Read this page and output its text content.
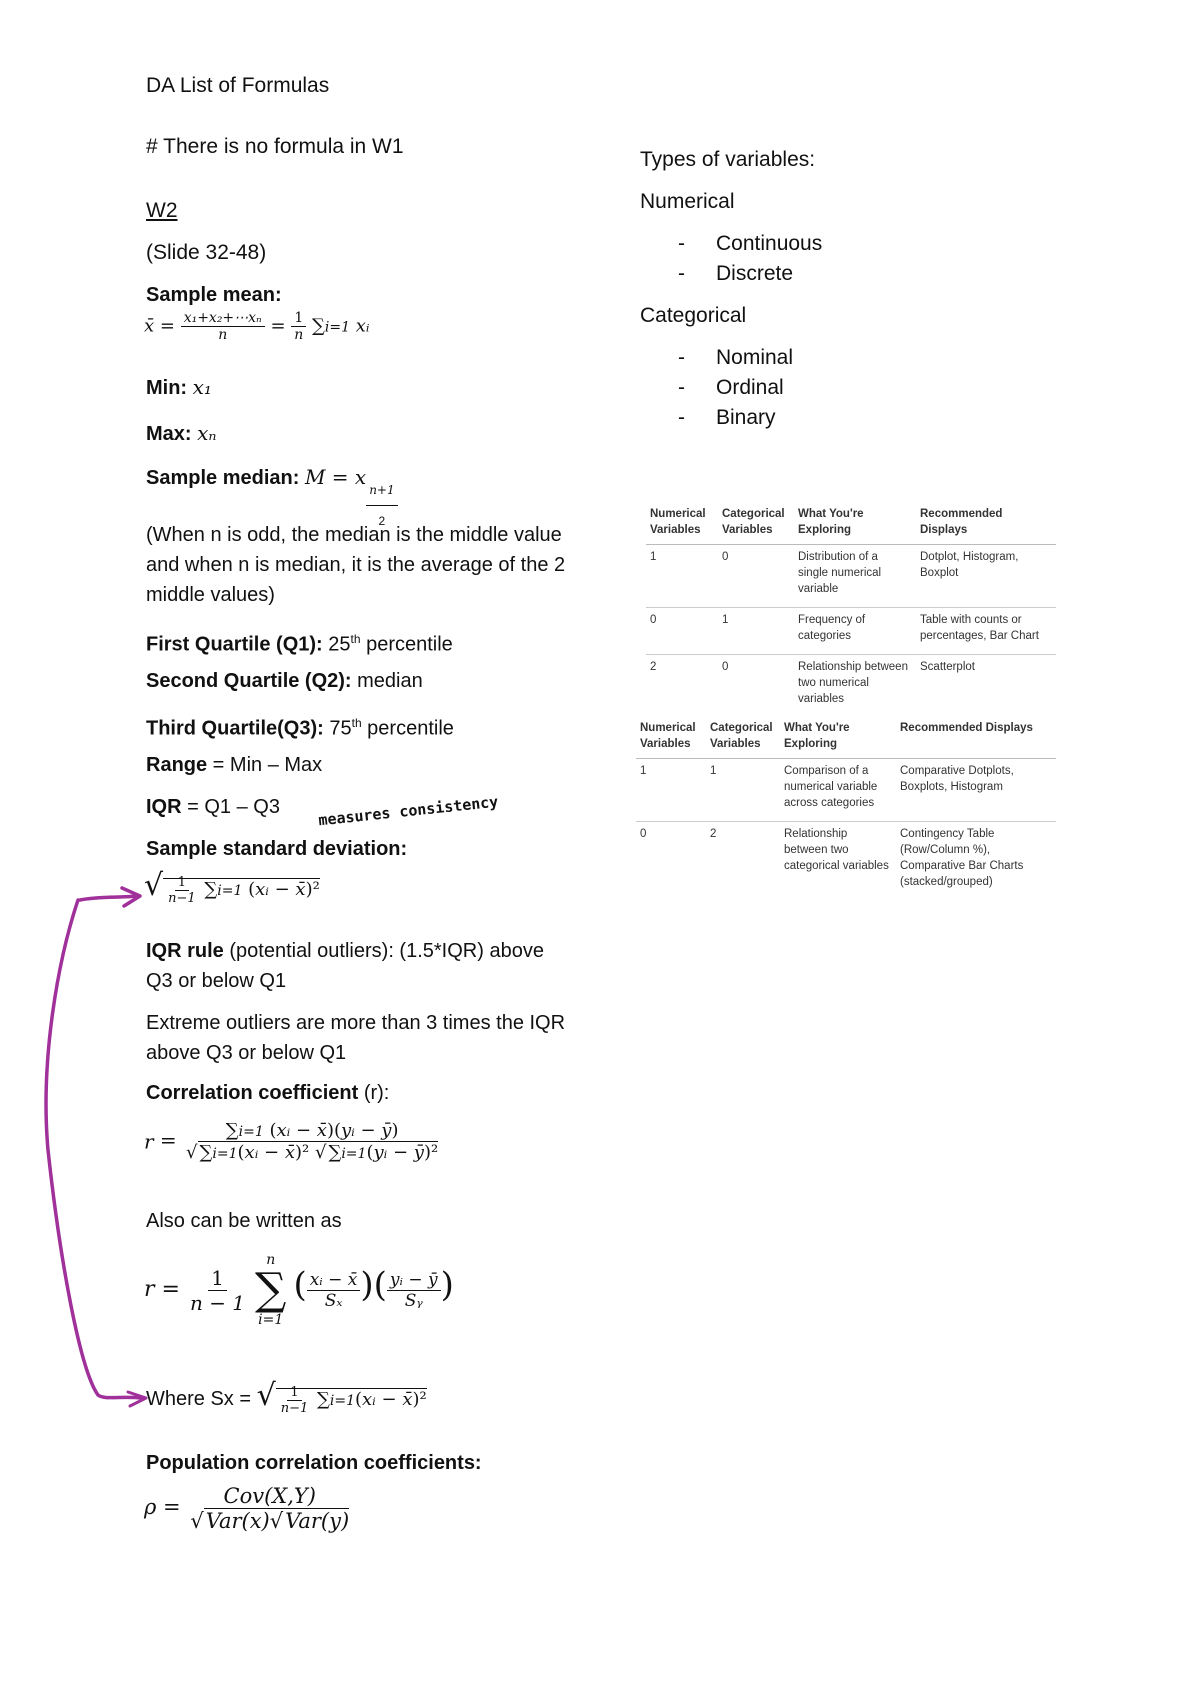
DA List of Formulas
# There is no formula in W1
W2
(Slide 32-48)
Sample mean:
x̄ = $\frac{\text{x₁+x₂+⋯xₙ}}{n} = \frac{1}{n} \sum i=1$ xᵢ
Min: x₁
Max: xₙ
Sample median: M = x $\frac{n+1}{2}$
(When n is odd, the median is the middle value and when n is median, it is the average of the 2 middle values)
First Quartile (Q1): 25th percentile
Second Quartile (Q2): median
Third Quartile(Q3): 75th percentile
Range = Min – Max
IQR = Q1 – Q3	measures consistency
Sample standard deviation:
√ $\frac{1}{n-1} \sum i=1$ (xᵢ − x̄)²
IQR rule (potential outliers): (1.5*IQR) above Q3 or below Q1
Extreme outliers are more than 3 times the IQR above Q3 or below Q1
Correlation coefficient (r):
$r = \frac{\text{∑i=1 (xᵢ − x̄)(yᵢ − ȳ)}}{\text{√ ∑i=1(xᵢ − x̄)² √ ∑i=1(yᵢ − ȳ)²}}$
Also can be written as
$r = \frac{1}{n - 1}$

n
∑
i=1
( $\frac{\text{xᵢ − x̄}}{\text{Sₓ}}$ )( $\frac{\text{yᵢ − ȳ}}{\text{Sᵧ}}$ )
Where Sx = √ $\frac{1}{n-1}$ ∑i=1(xᵢ − x̄)²
Population correlation coefficients:
$\rho = \frac{\text{Cov(X,Y)}}{\text{√Var(x)√Var(y)}}$
Types of variables:
Numerical
- Continuous
- Discrete
Categorical
- Nominal
- Ordinal
- Binary
Numerical Variables	Categorical Variables	What You're Exploring	Recommended Displays
1	0	Distribution of a single numerical variable	Dotplot, Histogram, Boxplot
0	1	Frequency of categories	Table with counts or percentages, Bar Chart
2	0	Relationship between two numerical variables	Scatterplot
Numerical Variables	Categorical Variables	What You're Exploring	Recommended Displays
1	1	Comparison of a numerical variable across categories	Comparative Dotplots, Boxplots, Histogram
0	2	Relationship between two categorical variables	Contingency Table (Row/Column %), Comparative Bar Charts (stacked/grouped)
